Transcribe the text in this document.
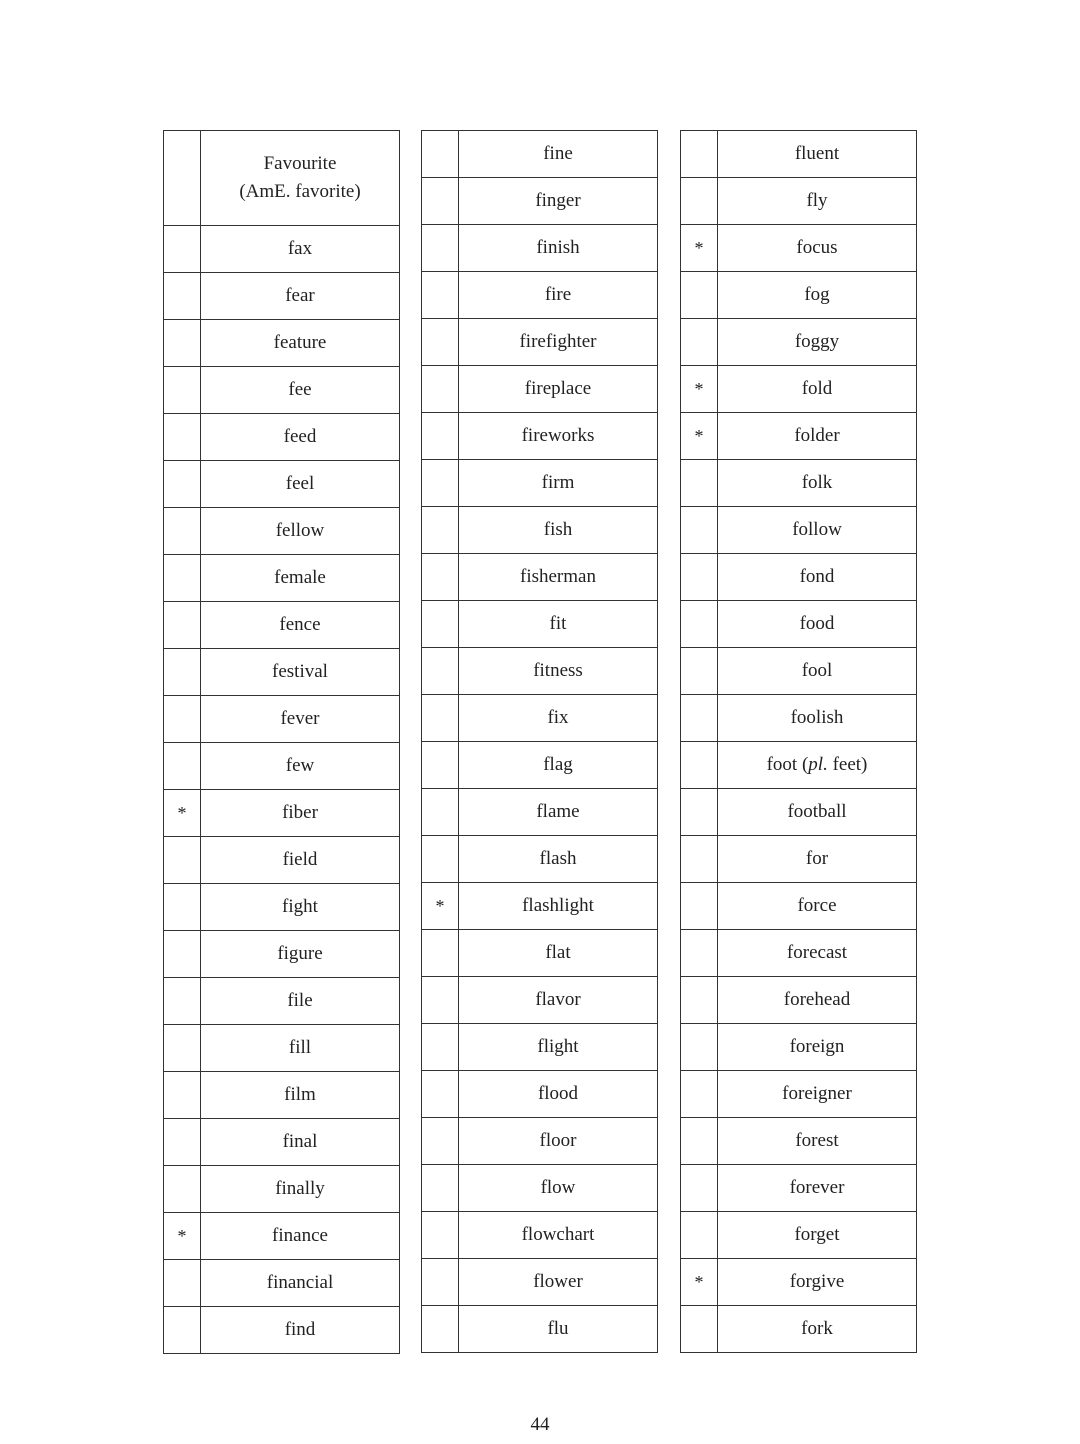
	Favourite
(AmE. favorite)

	fax
	fear
	feature
	fee
	feed
	feel
	fellow
	female
	fence
	festival
	fever
	few
*	fiber
	field
	fight
	figure
	file
	fill
	film
	final
	finally
*	finance
	financial
	find
	fine
	finger
	finish
	fire
	firefighter
	fireplace
	fireworks
	firm
	fish
	fisherman
	fit
	fitness
	fix
	flag
	flame
	flash
*	flashlight
	flat
	flavor
	flight
	flood
	floor
	flow
	flowchart
	flower
	flu
	fluent
	fly
*	focus
	fog
	foggy
*	fold
*	folder
	folk
	follow
	fond
	food
	fool
	foolish
	foot (pl. feet)
	football
	for
	force
	forecast
	forehead
	foreign
	foreigner
	forest
	forever
	forget
*	forgive
	fork
44
